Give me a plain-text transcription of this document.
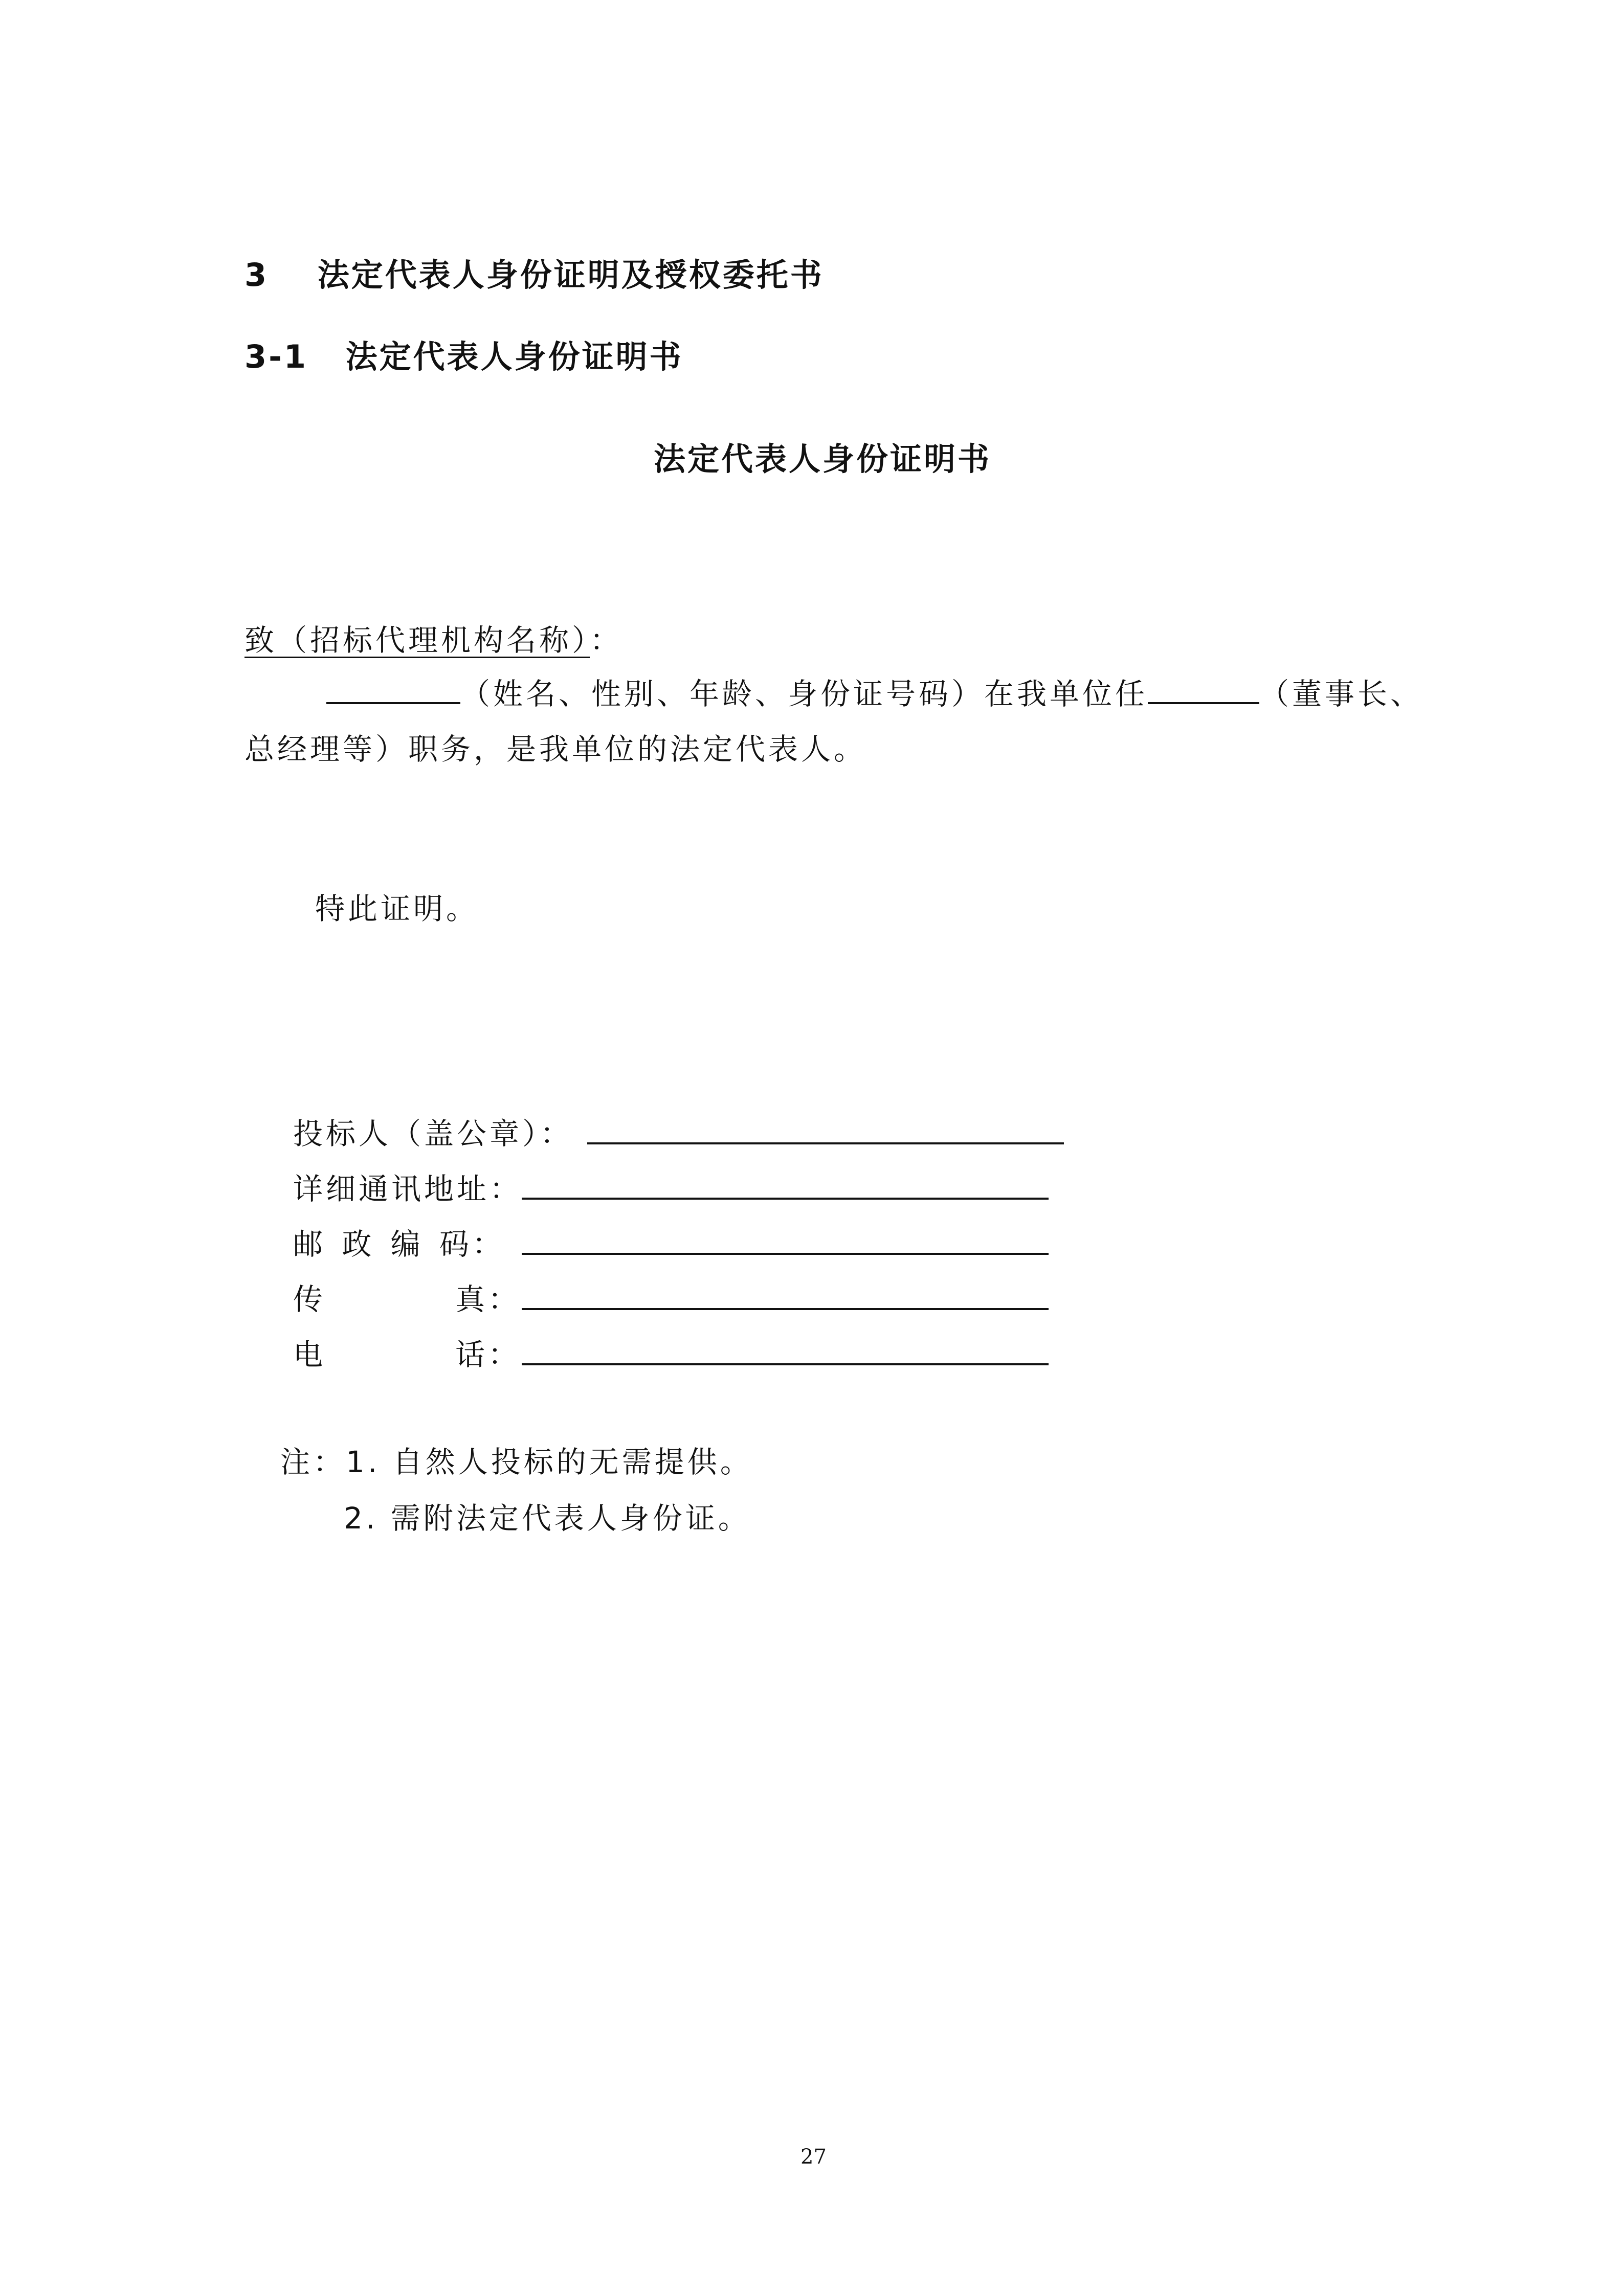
3 法定代表人身份证明及授权委托书
3-1 法定代表人身份证明书
法定代表人身份证明书
致（招标代理机构名称）：
（姓名、性别、年龄、身份证号码）在我单位任	（董事长、
总经理等）职务，是我单位的法定代表人。
特此证明。
投标人（盖公章）：
详细通讯地址：
邮 政 编 码 ：
传	真：
电	话：
注：1. 自然人投标的无需提供。
2. 需附法定代表人身份证。
27
